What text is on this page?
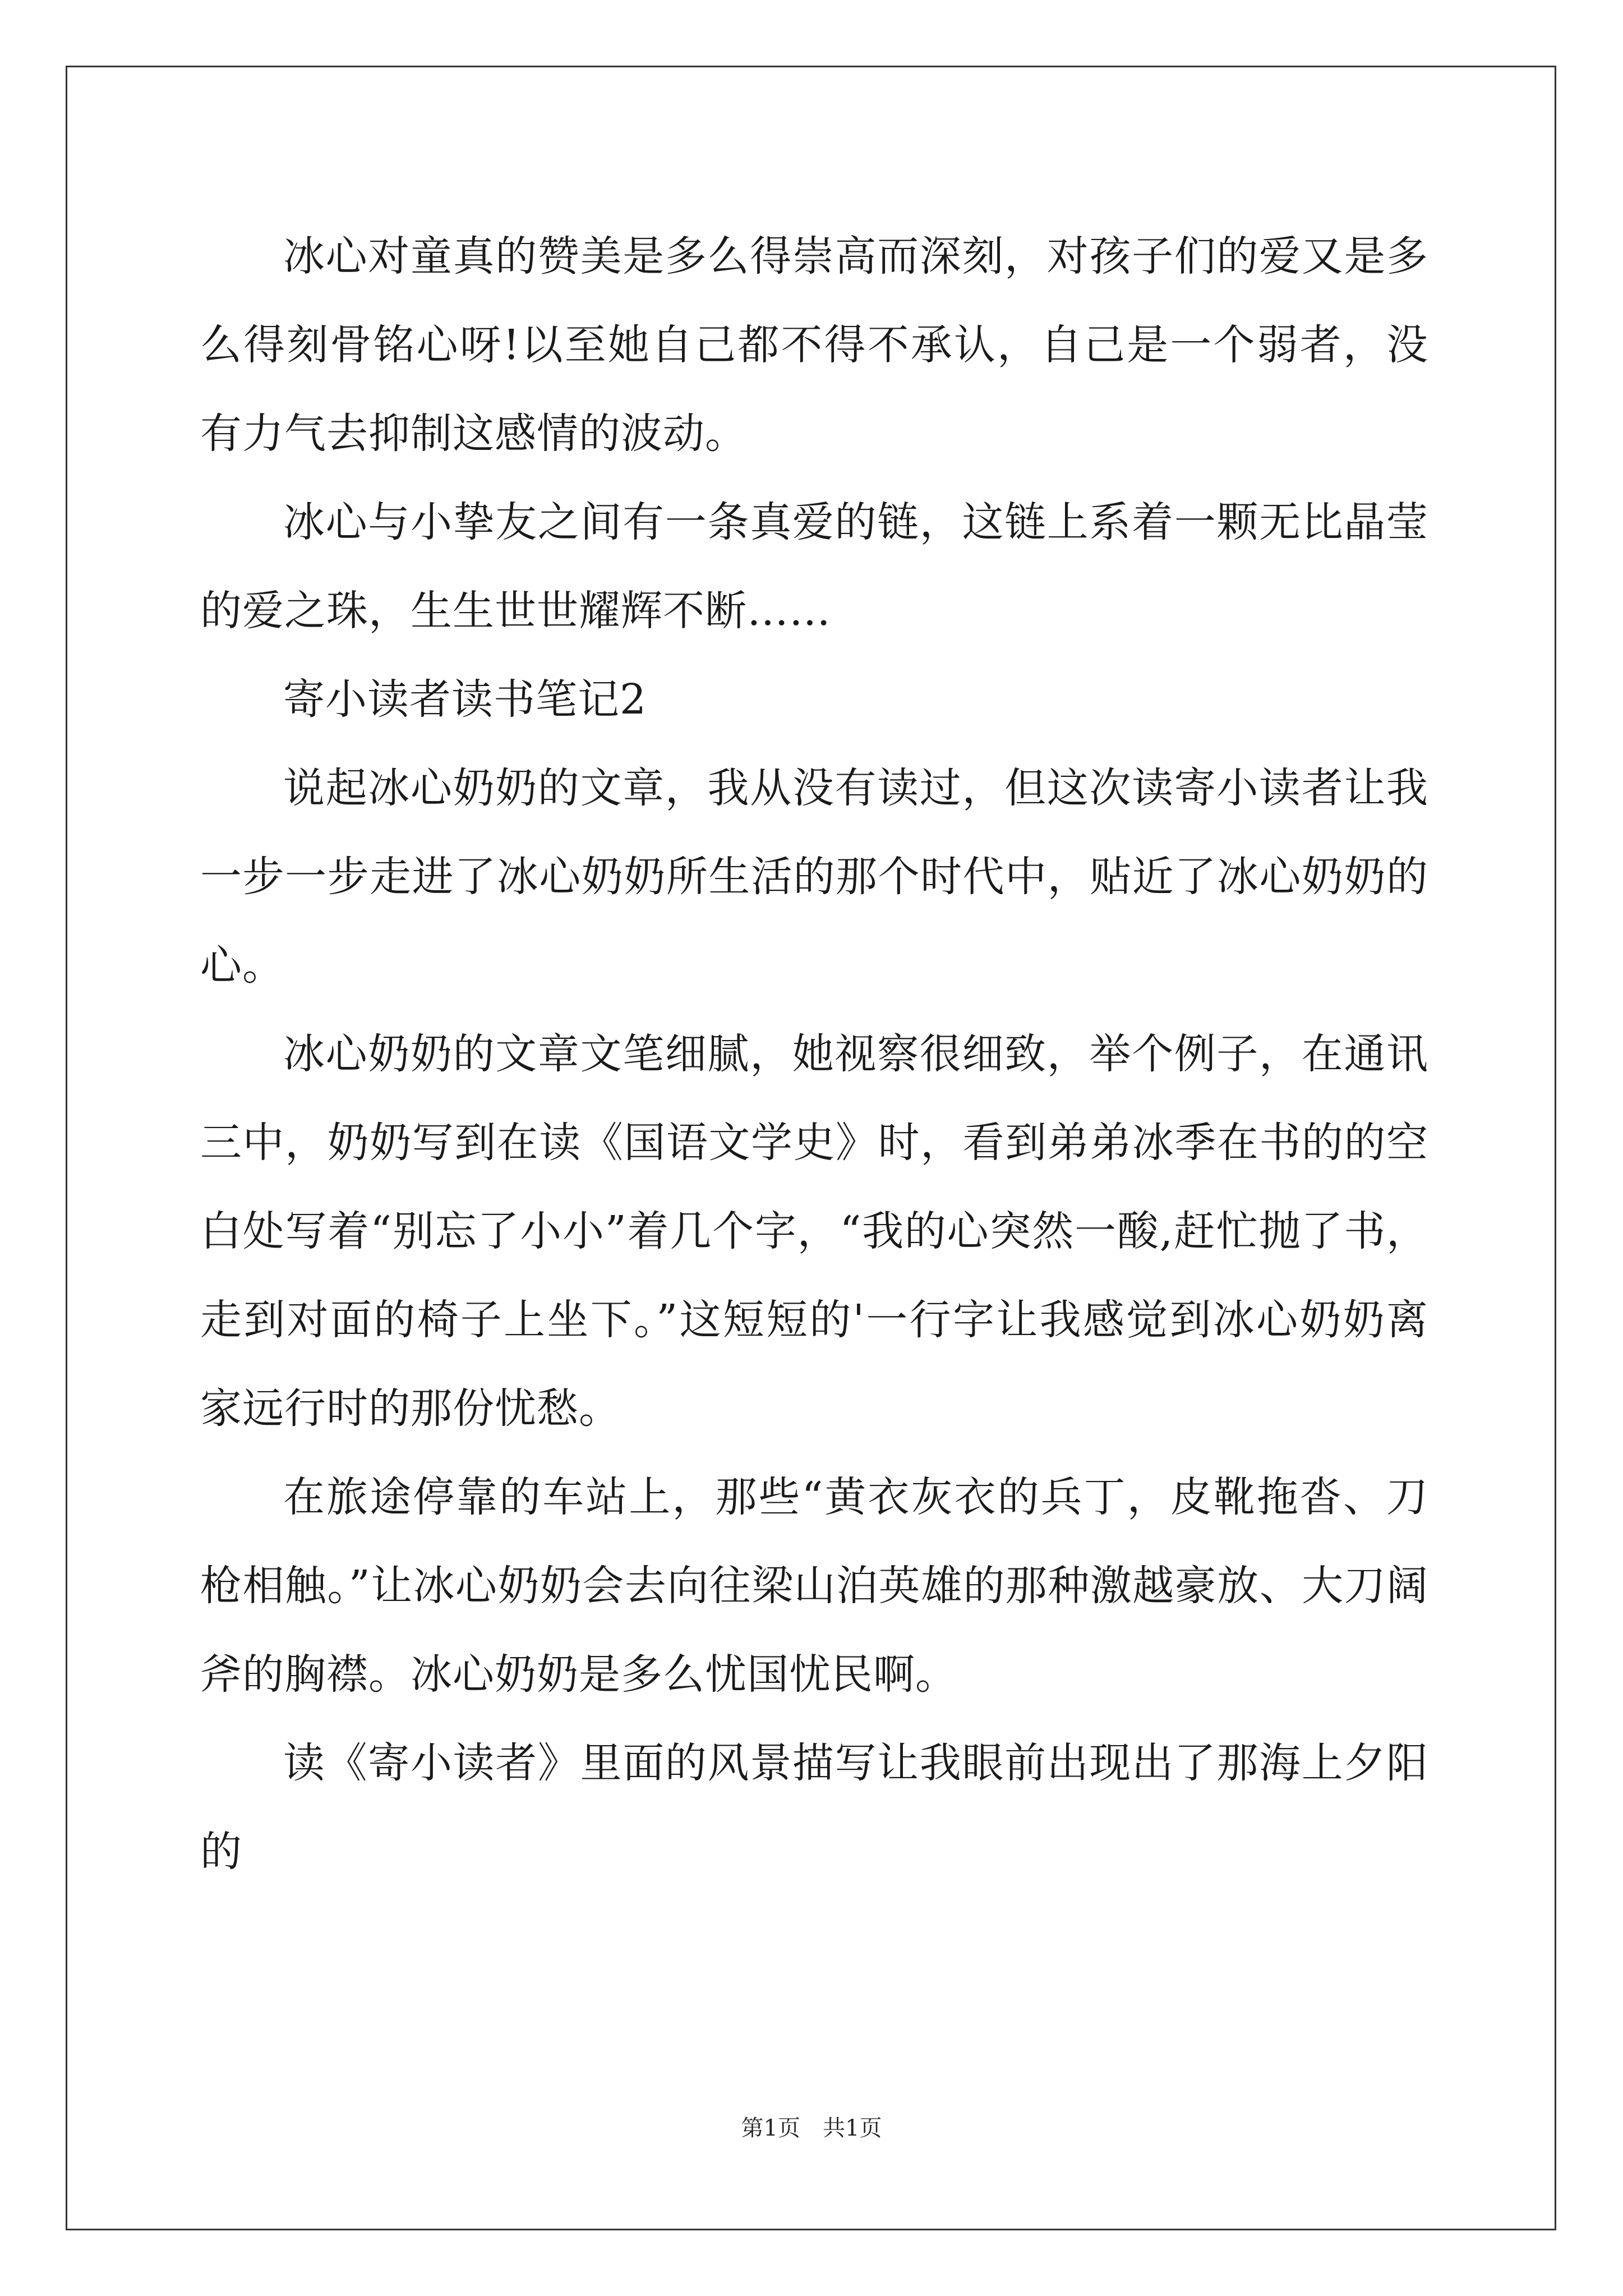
冰心对童真的赞美是多么得崇高而深刻，对孩子们的爱又是多么得刻骨铭心呀!以至她自己都不得不承认，自己是一个弱者，没有力气去抑制这感情的波动。

冰心与小挚友之间有一条真爱的链，这链上系着一颗无比晶莹的爱之珠，生生世世耀辉不断……

寄小读者读书笔记2

说起冰心奶奶的文章，我从没有读过，但这次读寄小读者让我一步一步走进了冰心奶奶所生活的那个时代中，贴近了冰心奶奶的心。

冰心奶奶的文章文笔细腻，她视察很细致，举个例子，在通讯三中，奶奶写到在读《国语文学史》时，看到弟弟冰季在书的的空白处写着“别忘了小小”着几个字，“我的心突然一酸,赶忙抛了书，走到对面的椅子上坐下。”这短短的'一行字让我感觉到冰心奶奶离家远行时的那份忧愁。

在旅途停靠的车站上，那些“黄衣灰衣的兵丁，皮靴拖沓、刀枪相触。”让冰心奶奶会去向往梁山泊英雄的那种激越豪放、大刀阔斧的胸襟。冰心奶奶是多么忧国忧民啊。

读《寄小读者》里面的风景描写让我眼前出现出了那海上夕阳的

第1页　共1页
